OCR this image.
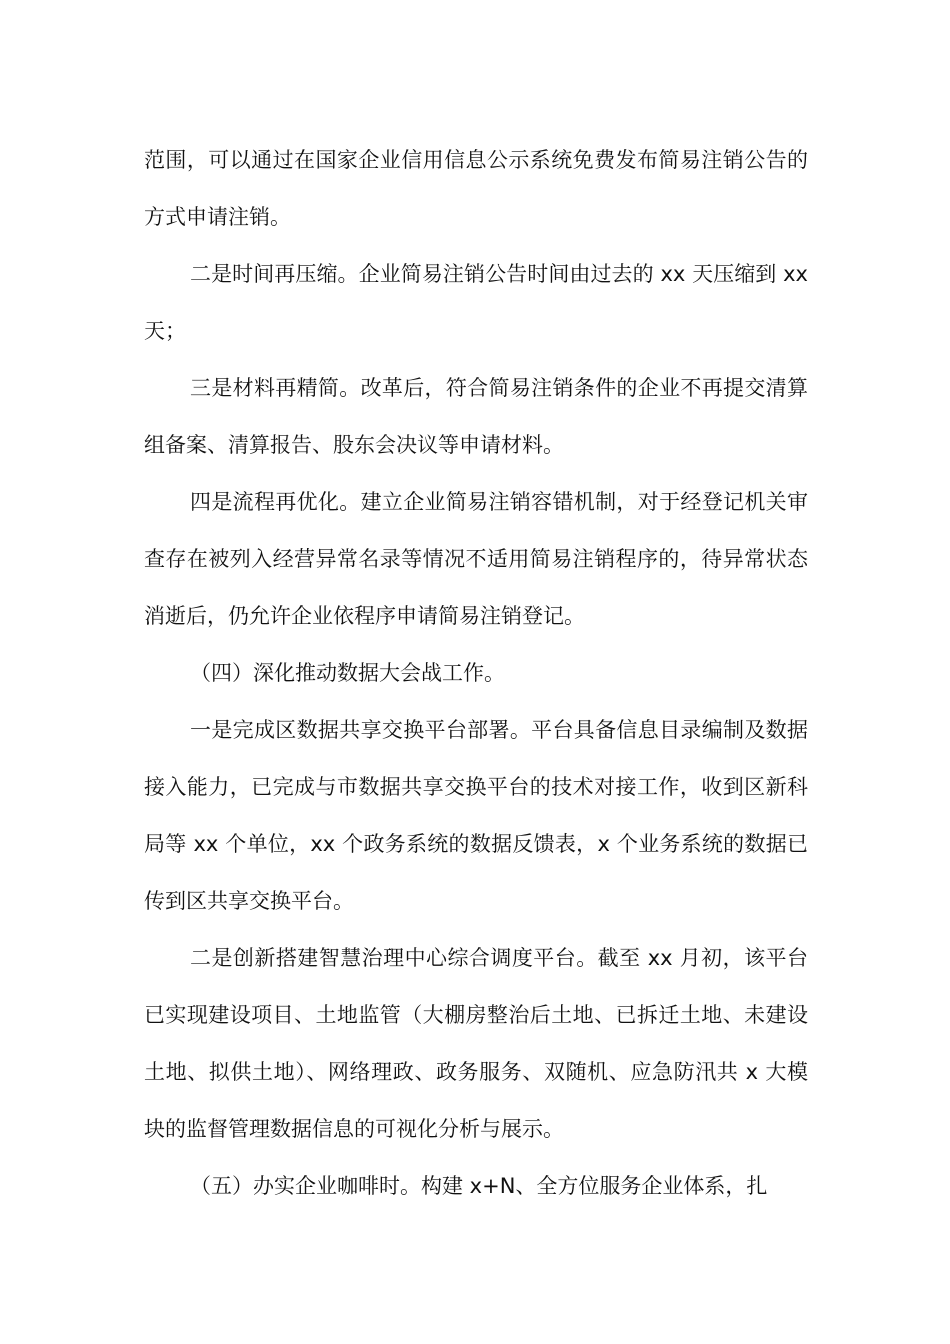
范围，可以通过在国家企业信用信息公示系统免费发布简易注销公告的方式申请注销。

二是时间再压缩。企业简易注销公告时间由过去的 xx 天压缩到 xx 天；

三是材料再精简。改革后，符合简易注销条件的企业不再提交清算组备案、清算报告、股东会决议等申请材料。

四是流程再优化。建立企业简易注销容错机制，对于经登记机关审查存在被列入经营异常名录等情况不适用简易注销程序的，待异常状态消逝后，仍允许企业依程序申请简易注销登记。

（四）深化推动数据大会战工作。

一是完成区数据共享交换平台部署。平台具备信息目录编制及数据接入能力，已完成与市数据共享交换平台的技术对接工作，收到区新科局等 xx 个单位，xx 个政务系统的数据反馈表，x 个业务系统的数据已传到区共享交换平台。

二是创新搭建智慧治理中心综合调度平台。截至 xx 月初，该平台已实现建设项目、土地监管（大棚房整治后土地、已拆迁土地、未建设土地、拟供土地）、网络理政、政务服务、双随机、应急防汛共 x 大模块的监督管理数据信息的可视化分析与展示。

（五）办实企业咖啡时。构建 x+N、全方位服务企业体系，扎
